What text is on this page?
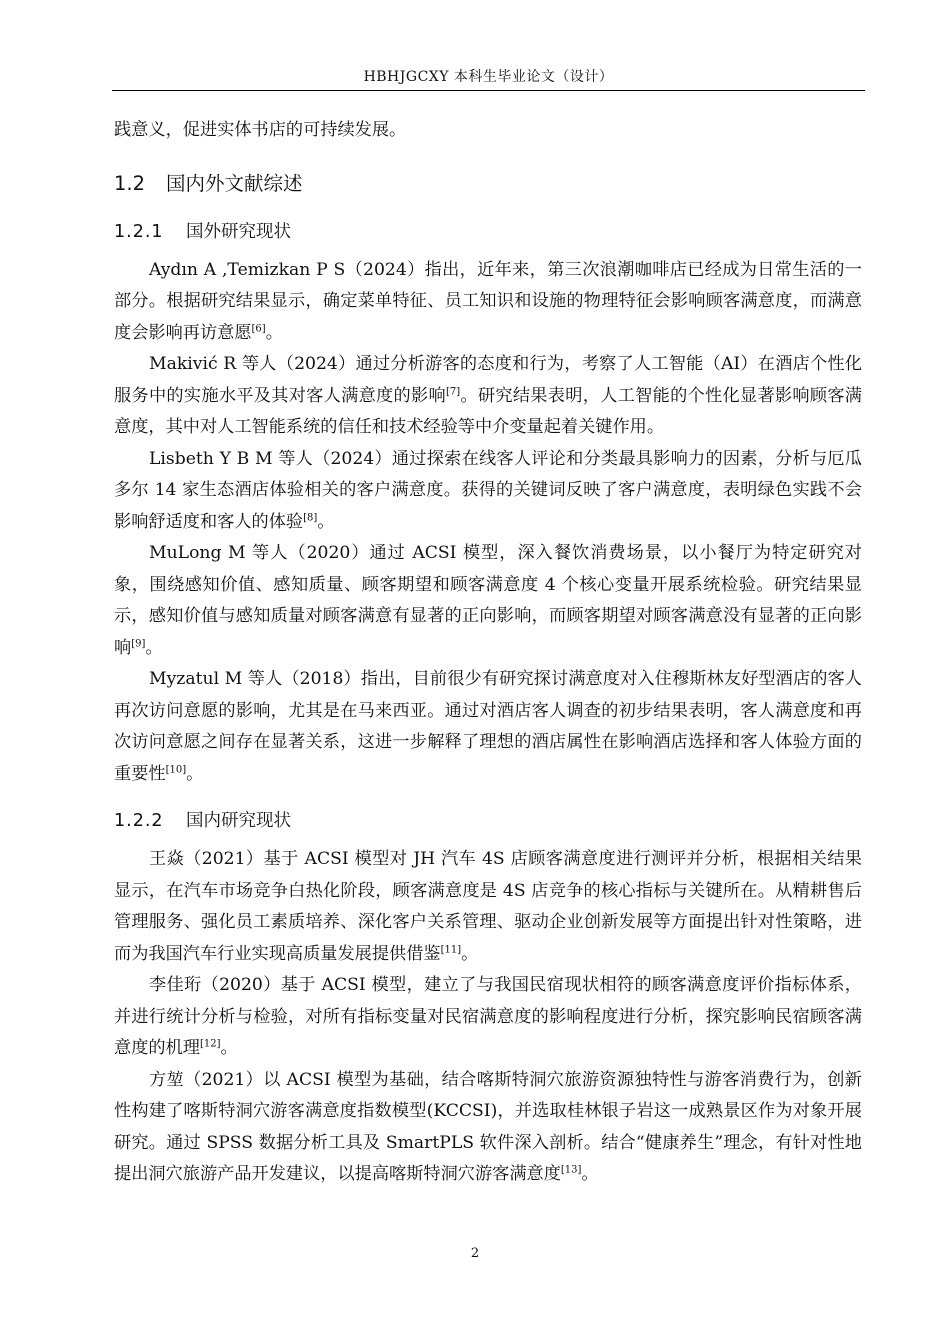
HBHJGCXY 本科生毕业论文（设计）

践意义，促进实体书店的可持续发展。

1.2 国内外文献综述
1.2.1 国外研究现状

Aydın A ,Temizkan P S（2024）指出，近年来，第三次浪潮咖啡店已经成为日常生活的一部分。根据研究结果显示，确定菜单特征、员工知识和设施的物理特征会影响顾客满意度，而满意度会影响再访意愿[6]。

Makivić R 等人（2024）通过分析游客的态度和行为，考察了人工智能（AI）在酒店个性化服务中的实施水平及其对客人满意度的影响[7]。研究结果表明，人工智能的个性化显著影响顾客满意度，其中对人工智能系统的信任和技术经验等中介变量起着关键作用。

Lisbeth Y B M 等人（2024）通过探索在线客人评论和分类最具影响力的因素，分析与厄瓜多尔 14 家生态酒店体验相关的客户满意度。获得的关键词反映了客户满意度，表明绿色实践不会影响舒适度和客人的体验[8]。

MuLong M 等人（2020）通过 ACSI 模型，深入餐饮消费场景，以小餐厅为特定研究对象，围绕感知价值、感知质量、顾客期望和顾客满意度 4 个核心变量开展系统检验。研究结果显示，感知价值与感知质量对顾客满意有显著的正向影响，而顾客期望对顾客满意没有显著的正向影响[9]。

Myzatul M 等人（2018）指出，目前很少有研究探讨满意度对入住穆斯林友好型酒店的客人再次访问意愿的影响，尤其是在马来西亚。通过对酒店客人调查的初步结果表明，客人满意度和再次访问意愿之间存在显著关系，这进一步解释了理想的酒店属性在影响酒店选择和客人体验方面的重要性[10]。

1.2.2 国内研究现状

王焱（2021）基于 ACSI 模型对 JH 汽车 4S 店顾客满意度进行测评并分析，根据相关结果显示，在汽车市场竞争白热化阶段，顾客满意度是 4S 店竞争的核心指标与关键所在。从精耕售后管理服务、强化员工素质培养、深化客户关系管理、驱动企业创新发展等方面提出针对性策略，进而为我国汽车行业实现高质量发展提供借鉴[11]。

李佳珩（2020）基于 ACSI 模型，建立了与我国民宿现状相符的顾客满意度评价指标体系，并进行统计分析与检验，对所有指标变量对民宿满意度的影响程度进行分析，探究影响民宿顾客满意度的机理[12]。

方堃（2021）以 ACSI 模型为基础，结合喀斯特洞穴旅游资源独特性与游客消费行为，创新性构建了喀斯特洞穴游客满意度指数模型(KCCSI)，并选取桂林银子岩这一成熟景区作为对象开展研究。通过 SPSS 数据分析工具及 SmartPLS 软件深入剖析。结合“健康养生”理念，有针对性地提出洞穴旅游产品开发建议，以提高喀斯特洞穴游客满意度[13]。

2
